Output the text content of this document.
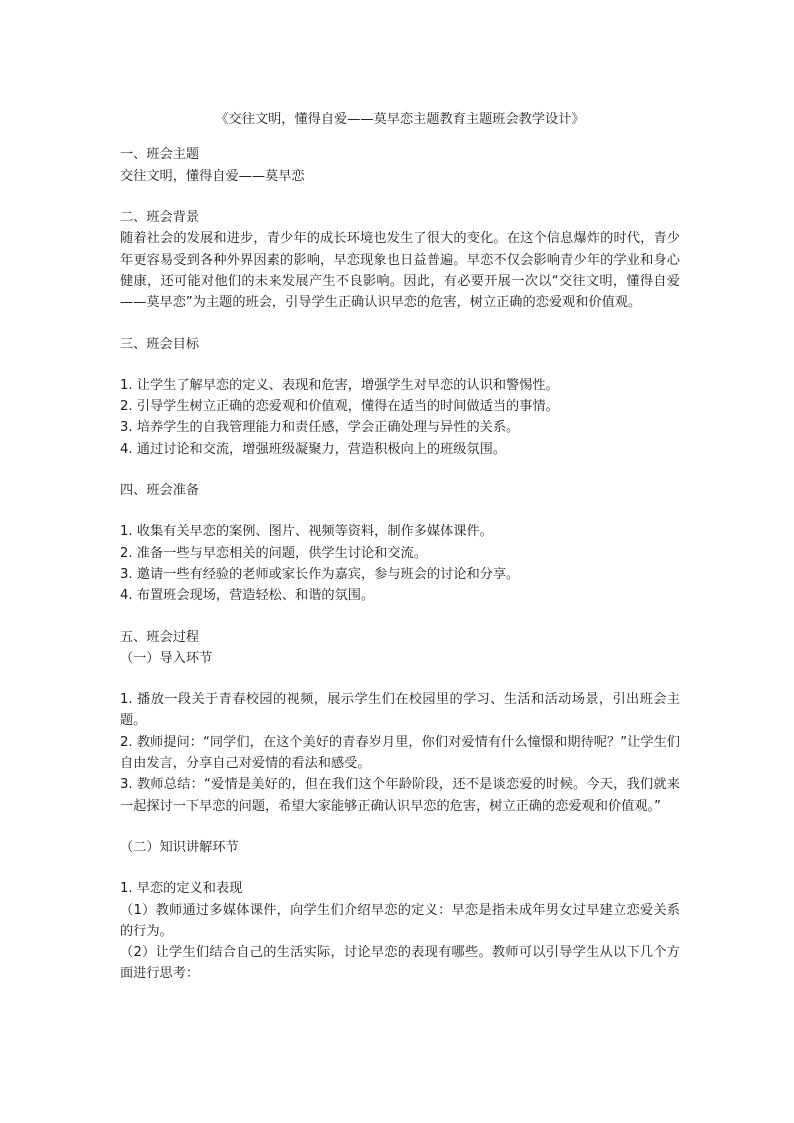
《交往文明，懂得自爱——莫早恋主题教育主题班会教学设计》

一、班会主题

交往文明，懂得自爱——莫早恋

二、班会背景

随着社会的发展和进步，青少年的成长环境也发生了很大的变化。在这个信息爆炸的时代，青少年更容易受到各种外界因素的影响，早恋现象也日益普遍。早恋不仅会影响青少年的学业和身心健康，还可能对他们的未来发展产生不良影响。因此，有必要开展一次以“交往文明，懂得自爱——莫早恋”为主题的班会，引导学生正确认识早恋的危害，树立正确的恋爱观和价值观。

三、班会目标

1. 让学生了解早恋的定义、表现和危害，增强学生对早恋的认识和警惕性。

2. 引导学生树立正确的恋爱观和价值观，懂得在适当的时间做适当的事情。

3. 培养学生的自我管理能力和责任感，学会正确处理与异性的关系。

4. 通过讨论和交流，增强班级凝聚力，营造积极向上的班级氛围。

四、班会准备

1. 收集有关早恋的案例、图片、视频等资料，制作多媒体课件。

2. 准备一些与早恋相关的问题，供学生讨论和交流。

3. 邀请一些有经验的老师或家长作为嘉宾，参与班会的讨论和分享。

4. 布置班会现场，营造轻松、和谐的氛围。

五、班会过程

（一）导入环节

1. 播放一段关于青春校园的视频，展示学生们在校园里的学习、生活和活动场景，引出班会主题。

2. 教师提问：“同学们，在这个美好的青春岁月里，你们对爱情有什么憧憬和期待呢？”让学生们自由发言，分享自己对爱情的看法和感受。

3. 教师总结：“爱情是美好的，但在我们这个年龄阶段，还不是谈恋爱的时候。今天，我们就来一起探讨一下早恋的问题，希望大家能够正确认识早恋的危害，树立正确的恋爱观和价值观。”

（二）知识讲解环节

1. 早恋的定义和表现

（1）教师通过多媒体课件，向学生们介绍早恋的定义：早恋是指未成年男女过早建立恋爱关系的行为。

（2）让学生们结合自己的生活实际，讨论早恋的表现有哪些。教师可以引导学生从以下几个方面进行思考：
